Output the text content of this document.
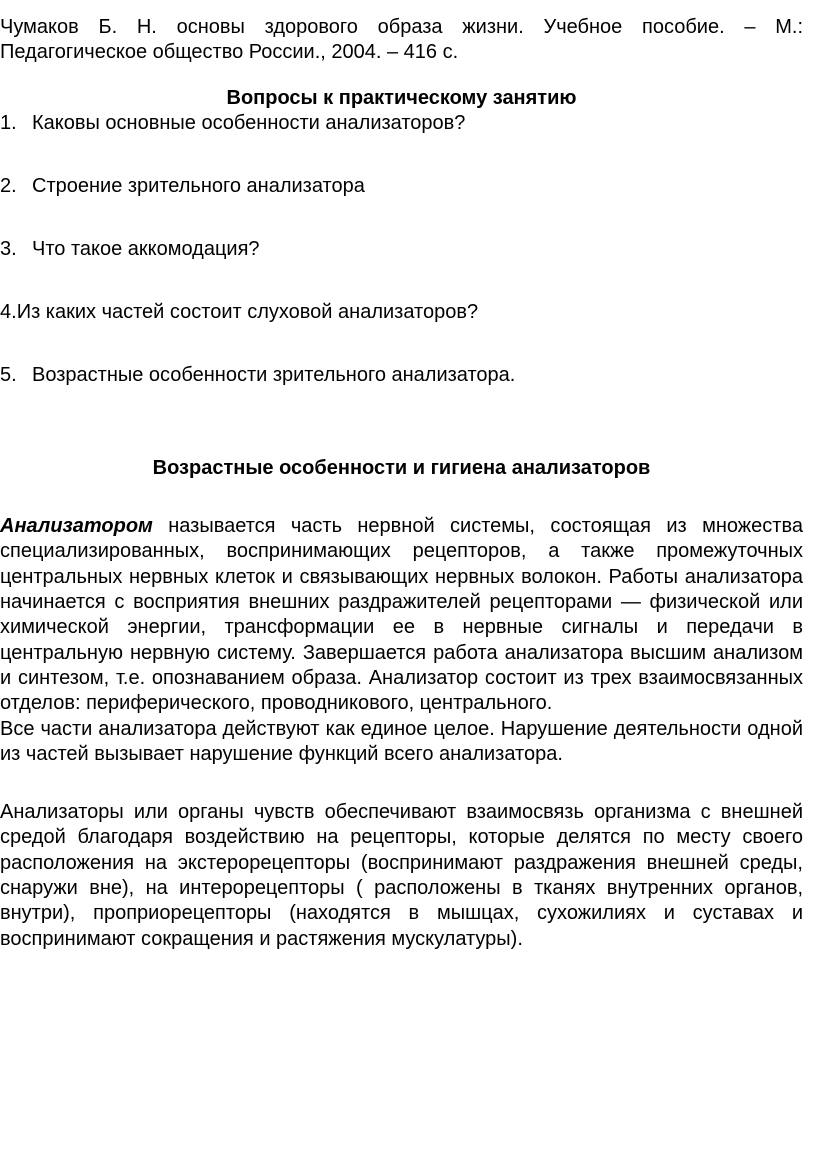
Чумаков Б. Н. основы здорового образа жизни. Учебное пособие. – М.:
Педагогическое общество России., 2004. – 416 с.

Вопросы к практическому занятию

1. Каковы основные особенности анализаторов?
2. Строение зрительного анализатора
3. Что такое аккомодация?
4.Из каких частей состоит слуховой анализаторов?
5. Возрастные особенности зрительного анализатора.

Возрастные особенности и гигиена анализаторов

Анализатором называется часть нервной системы, состоящая из множества специализированных, воспринимающих рецепторов, а также промежуточных центральных нервных клеток и связывающих нервных волокон. Работы анализатора начинается с восприятия внешних раздражителей рецепторами — физической или химической энергии, трансформации ее в нервные сигналы и передачи в центральную нервную систему. Завершается работа анализатора высшим анализом и синтезом, т.е. опознаванием образа. Анализатор состоит из трех взаимосвязанных отделов: периферического, проводникового, центрального.

Все части анализатора действуют как единое целое. Нарушение деятельности одной из частей вызывает нарушение функций всего анализатора.

Анализаторы или органы чувств обеспечивают взаимосвязь организма с внешней средой благодаря воздействию на рецепторы, которые делятся по месту своего расположения на экстерорецепторы (воспринимают раздражения внешней среды, снаружи вне), на интерорецепторы ( расположены в тканях внутренних органов, внутри), проприорецепторы (находятся в мышцах, сухожилиях и суставах и воспринимают сокращения и растяжения мускулатуры).
